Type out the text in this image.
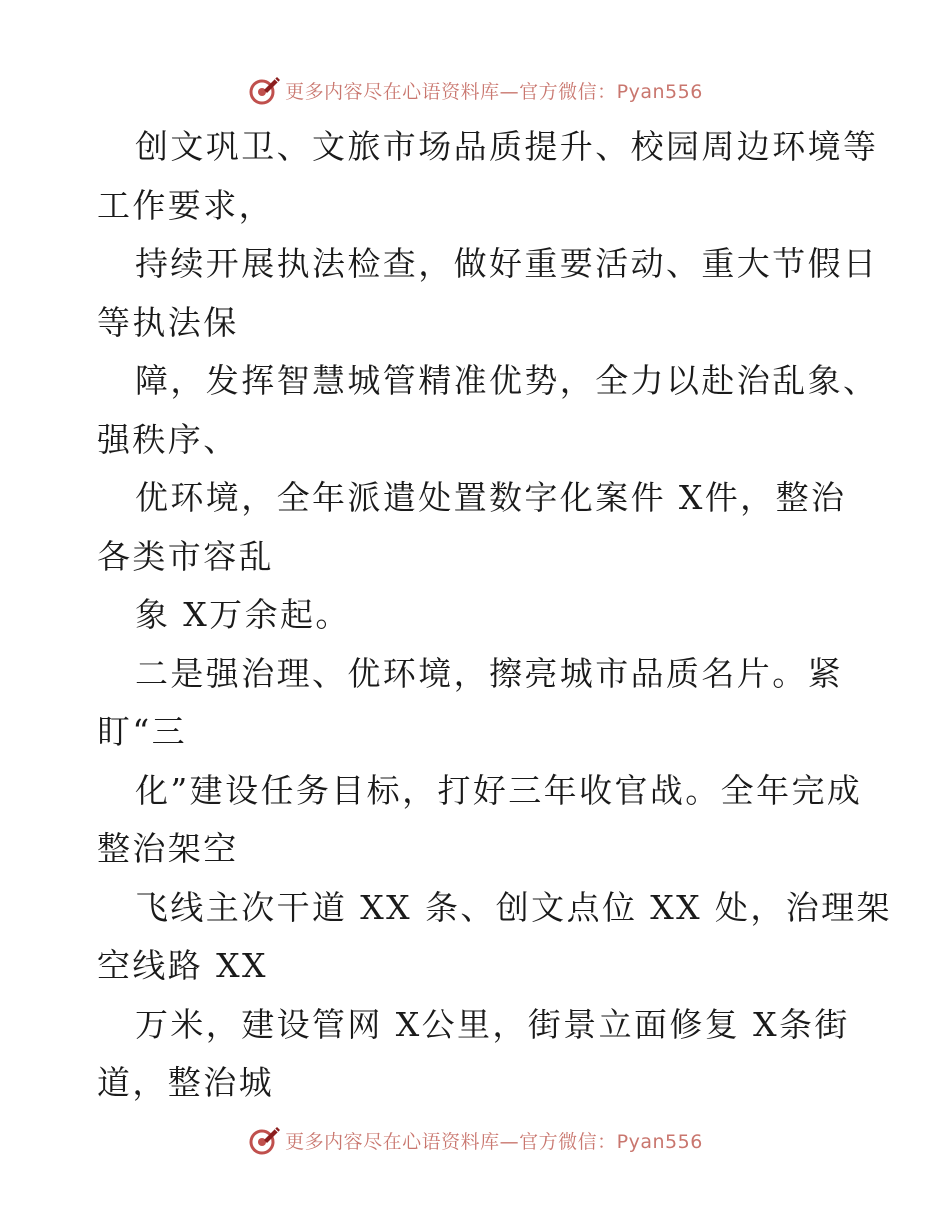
更多内容尽在心语资料库—官方微信：Pyan556
创文巩卫、文旅市场品质提升、校园周边环境等
工作要求，
持续开展执法检查，做好重要活动、重大节假日
等执法保
障，发挥智慧城管精准优势，全力以赴治乱象、
强秩序、
优环境，全年派遣处置数字化案件 X件，整治
各类市容乱
象 X万余起。
二是强治理、优环境，擦亮城市品质名片。紧
盯“三
化”建设任务目标，打好三年收官战。全年完成
整治架空
飞线主次干道 XX 条、创文点位 XX 处，治理架
空线路 XX
万米，建设管网 X公里，街景立面修复 X条街
道，整治城
更多内容尽在心语资料库—官方微信：Pyan556
